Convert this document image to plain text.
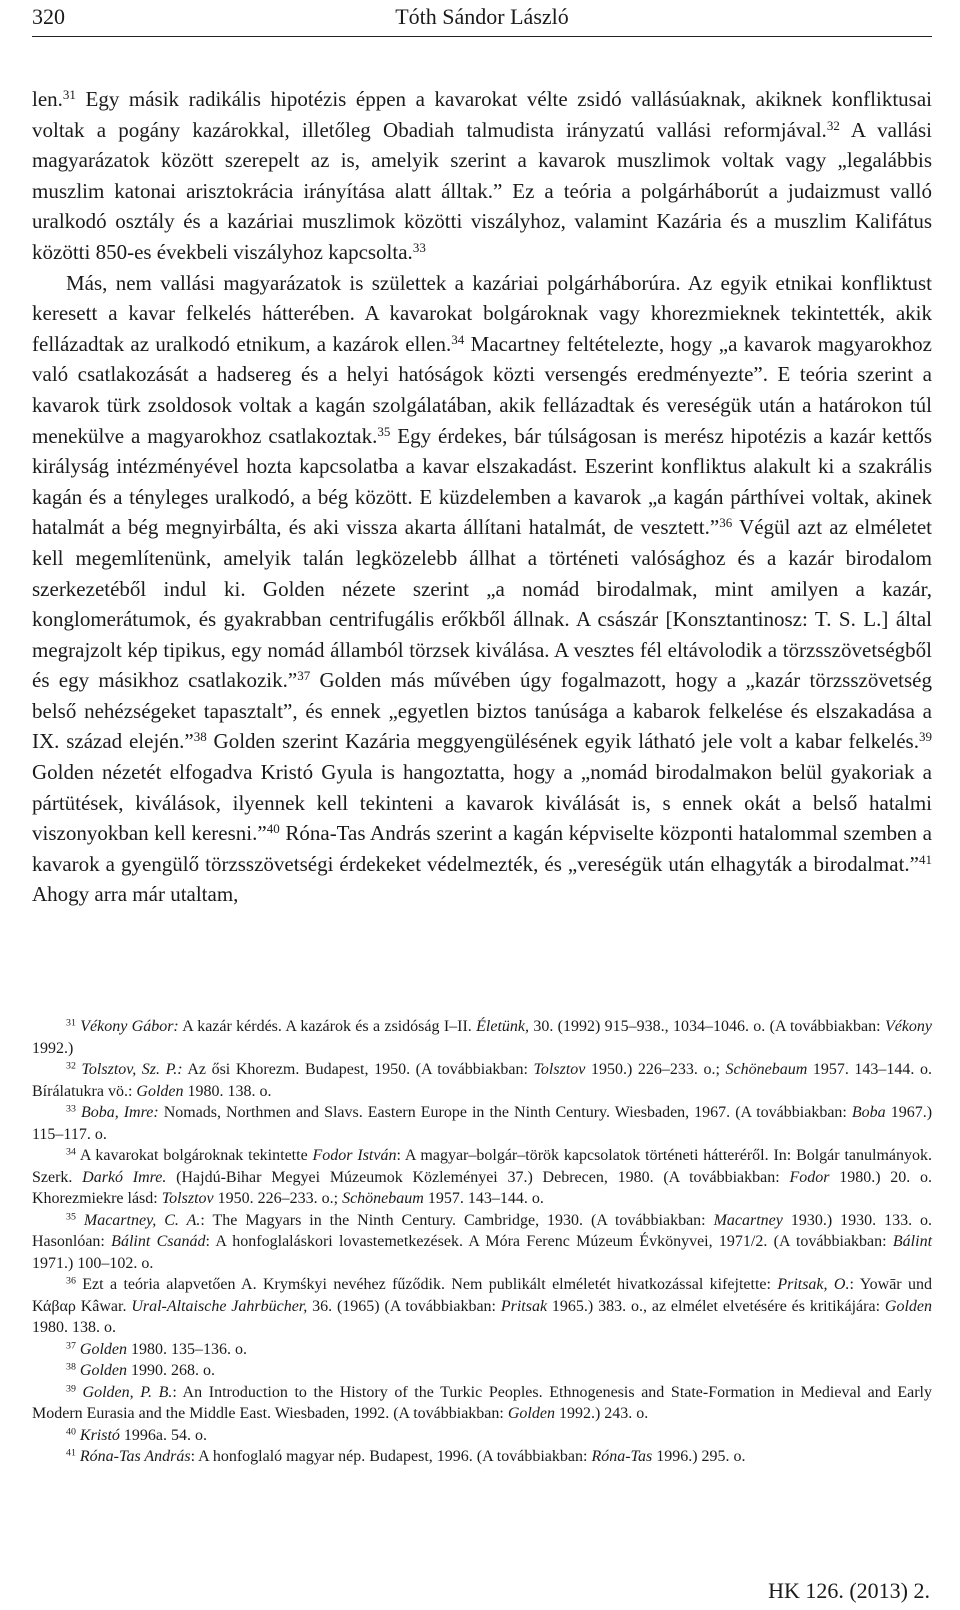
320	Tóth Sándor László

len.$^{31}$ Egy másik radikális hipotézis éppen a kavarokat vélte zsidó vallásúaknak, akiknek konfliktusai voltak a pogány kazárokkal, illetőleg Obadiah talmudista irányzatú vallási reformjával.$^{32}$ A vallási magyarázatok között szerepelt az is, amelyik szerint a kavarok muszlimok voltak vagy „legalábbis muszlim katonai arisztokrácia irányítása alatt álltak.” Ez a teória a polgárháborút a judaizmust valló uralkodó osztály és a kazáriai muszlimok közötti viszályhoz, valamint Kazária és a muszlim Kalifátus közötti 850-es évekbeli viszályhoz kapcsolta.$^{33}$

Más, nem vallási magyarázatok is születtek a kazáriai polgárháborúra. Az egyik etnikai konfliktust keresett a kavar felkelés hátterében. A kavarokat bolgároknak vagy khorezmieknek tekintették, akik fellázadtak az uralkodó etnikum, a kazárok ellen.$^{34}$ Macartney feltételezte, hogy „a kavarok magyarokhoz való csatlakozását a hadsereg és a helyi hatóságok közti versengés eredményezte”. E teória szerint a kavarok türk zsoldosok voltak a kagán szolgálatában, akik fellázadtak és vereségük után a határokon túl menekülve a magyarokhoz csatlakoztak.$^{35}$ Egy érdekes, bár túlságosan is merész hipotézis a kazár kettős királyság intézményével hozta kapcsolatba a kavar elszakadást. Eszerint konfliktus alakult ki a szakrális kagán és a tényleges uralkodó, a bég között. E küzdelemben a kavarok „a kagán párthívei voltak, akinek hatalmát a bég megnyirbálta, és aki vissza akarta állítani hatalmát, de vesztett.”$^{36}$ Végül azt az elméletet kell megemlítenünk, amelyik talán legközelebb állhat a történeti valósághoz és a kazár birodalom szerkezetéből indul ki. Golden nézete szerint „a nomád birodalmak, mint amilyen a kazár, konglomerátumok, és gyakrabban centrifugális erőkből állnak. A császár [Konsztantinosz: T. S. L.] által megrajzolt kép tipikus, egy nomád államból törzsek kiválása. A vesztes fél eltávolodik a törzsszövetségből és egy másikhoz csatlakozik.”$^{37}$ Golden más művében úgy fogalmazott, hogy a „kazár törzsszövetség belső nehézségeket tapasztalt”, és ennek „egyetlen biztos tanúsága a kabarok felkelése és elszakadása a IX. század elején.”$^{38}$ Golden szerint Kazária meggyengülésének egyik látható jele volt a kabar felkelés.$^{39}$ Golden nézetét elfogadva Kristó Gyula is hangoztatta, hogy a „nomád birodalmakon belül gyakoriak a pártütések, kiválások, ilyennek kell tekinteni a kavarok kiválását is, s ennek okát a belső hatalmi viszonyokban kell keresni.”$^{40}$ Róna-Tas András szerint a kagán képviselte központi hatalommal szemben a kavarok a gyengülő törzsszövetségi érdekeket védelmezték, és „vereségük után elhagyták a birodalmat.”$^{41}$ Ahogy arra már utaltam,

$^{31}$ Vékony Gábor: A kazár kérdés. A kazárok és a zsidóság I–II. Életünk, 30. (1992) 915–938., 1034–1046. o. (A továbbiakban: Vékony 1992.)

$^{32}$ Tolsztov, Sz. P.: Az ősi Khorezm. Budapest, 1950. (A továbbiakban: Tolsztov 1950.) 226–233. o.; Schönebaum 1957. 143–144. o. Bírálatukra vö.: Golden 1980. 138. o.

$^{33}$ Boba, Imre: Nomads, Northmen and Slavs. Eastern Europe in the Ninth Century. Wiesbaden, 1967. (A továbbiakban: Boba 1967.) 115–117. o.

$^{34}$ A kavarokat bolgároknak tekintette Fodor István: A magyar–bolgár–török kapcsolatok történeti hátteréről. In: Bolgár tanulmányok. Szerk. Darkó Imre. (Hajdú-Bihar Megyei Múzeumok Közleményei 37.) Debrecen, 1980. (A továbbiakban: Fodor 1980.) 20. o. Khorezmiekre lásd: Tolsztov 1950. 226–233. o.; Schönebaum 1957. 143–144. o.

$^{35}$ Macartney, C. A.: The Magyars in the Ninth Century. Cambridge, 1930. (A továbbiakban: Macartney 1930.) 1930. 133. o. Hasonlóan: Bálint Csanád: A honfoglaláskori lovastemetkezések. A Móra Ferenc Múzeum Évkönyvei, 1971/2. (A továbbiakban: Bálint 1971.) 100–102. o.

$^{36}$ Ezt a teória alapvetően A. Krymśkyi nevéhez fűződik. Nem publikált elméletét hivatkozással kifejtette: Pritsak, O.: Yowār und Κάβαρ Kâwar. Ural-Altaische Jahrbücher, 36. (1965) (A továbbiakban: Pritsak 1965.) 383. o., az elmélet elvetésére és kritikájára: Golden 1980. 138. o.

$^{37}$ Golden 1980. 135–136. o.

$^{38}$ Golden 1990. 268. o.

$^{39}$ Golden, P. B.: An Introduction to the History of the Turkic Peoples. Ethnogenesis and State-Formation in Medieval and Early Modern Eurasia and the Middle East. Wiesbaden, 1992. (A továbbiakban: Golden 1992.) 243. o.

$^{40}$ Kristó 1996a. 54. o.

$^{41}$ Róna-Tas András: A honfoglaló magyar nép. Budapest, 1996. (A továbbiakban: Róna-Tas 1996.) 295. o.

HK 126. (2013) 2.
